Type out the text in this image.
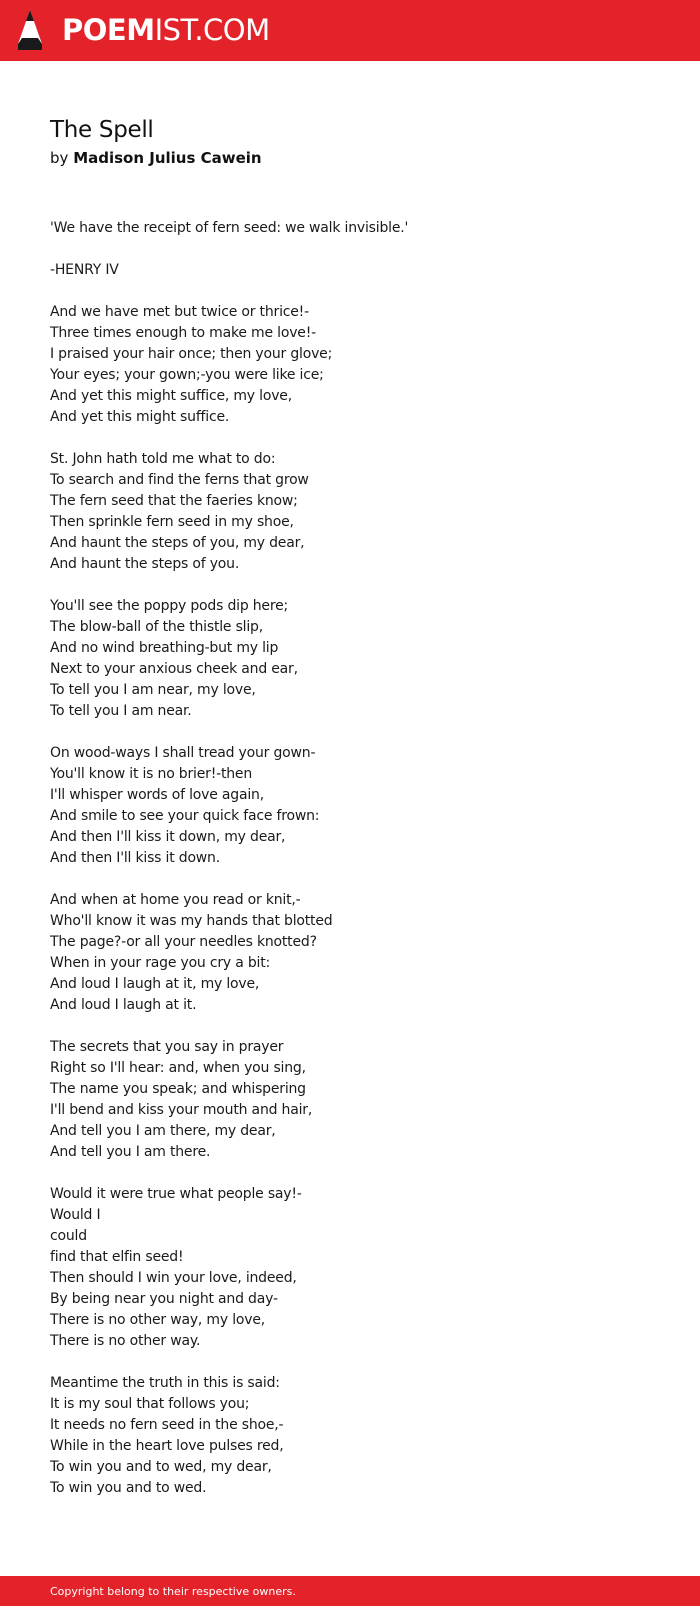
POEMIST.COM
The Spell

by Madison Julius Cawein

'We have the receipt of fern seed: we walk invisible.'
-HENRY IV
And we have met but twice or thrice!-
Three times enough to make me love!-
I praised your hair once; then your glove;
Your eyes; your gown;-you were like ice;
And yet this might suffice, my love,
And yet this might suffice.
St. John hath told me what to do:
To search and find the ferns that grow
The fern seed that the faeries know;
Then sprinkle fern seed in my shoe,
And haunt the steps of you, my dear,
And haunt the steps of you.
You'll see the poppy pods dip here;
The blow-ball of the thistle slip,
And no wind breathing-but my lip
Next to your anxious cheek and ear,
To tell you I am near, my love,
To tell you I am near.
On wood-ways I shall tread your gown-
You'll know it is no brier!-then
I'll whisper words of love again,
And smile to see your quick face frown:
And then I'll kiss it down, my dear,
And then I'll kiss it down.
And when at home you read or knit,-
Who'll know it was my hands that blotted
The page?-or all your needles knotted?
When in your rage you cry a bit:
And loud I laugh at it, my love,
And loud I laugh at it.
The secrets that you say in prayer
Right so I'll hear: and, when you sing,
The name you speak; and whispering
I'll bend and kiss your mouth and hair,
And tell you I am there, my dear,
And tell you I am there.
Would it were true what people say!-
Would I
could
find that elfin seed!
Then should I win your love, indeed,
By being near you night and day-
There is no other way, my love,
There is no other way.
Meantime the truth in this is said:
It is my soul that follows you;
It needs no fern seed in the shoe,-
While in the heart love pulses red,
To win you and to wed, my dear,
To win you and to wed.
Copyright belong to their respective owners.
